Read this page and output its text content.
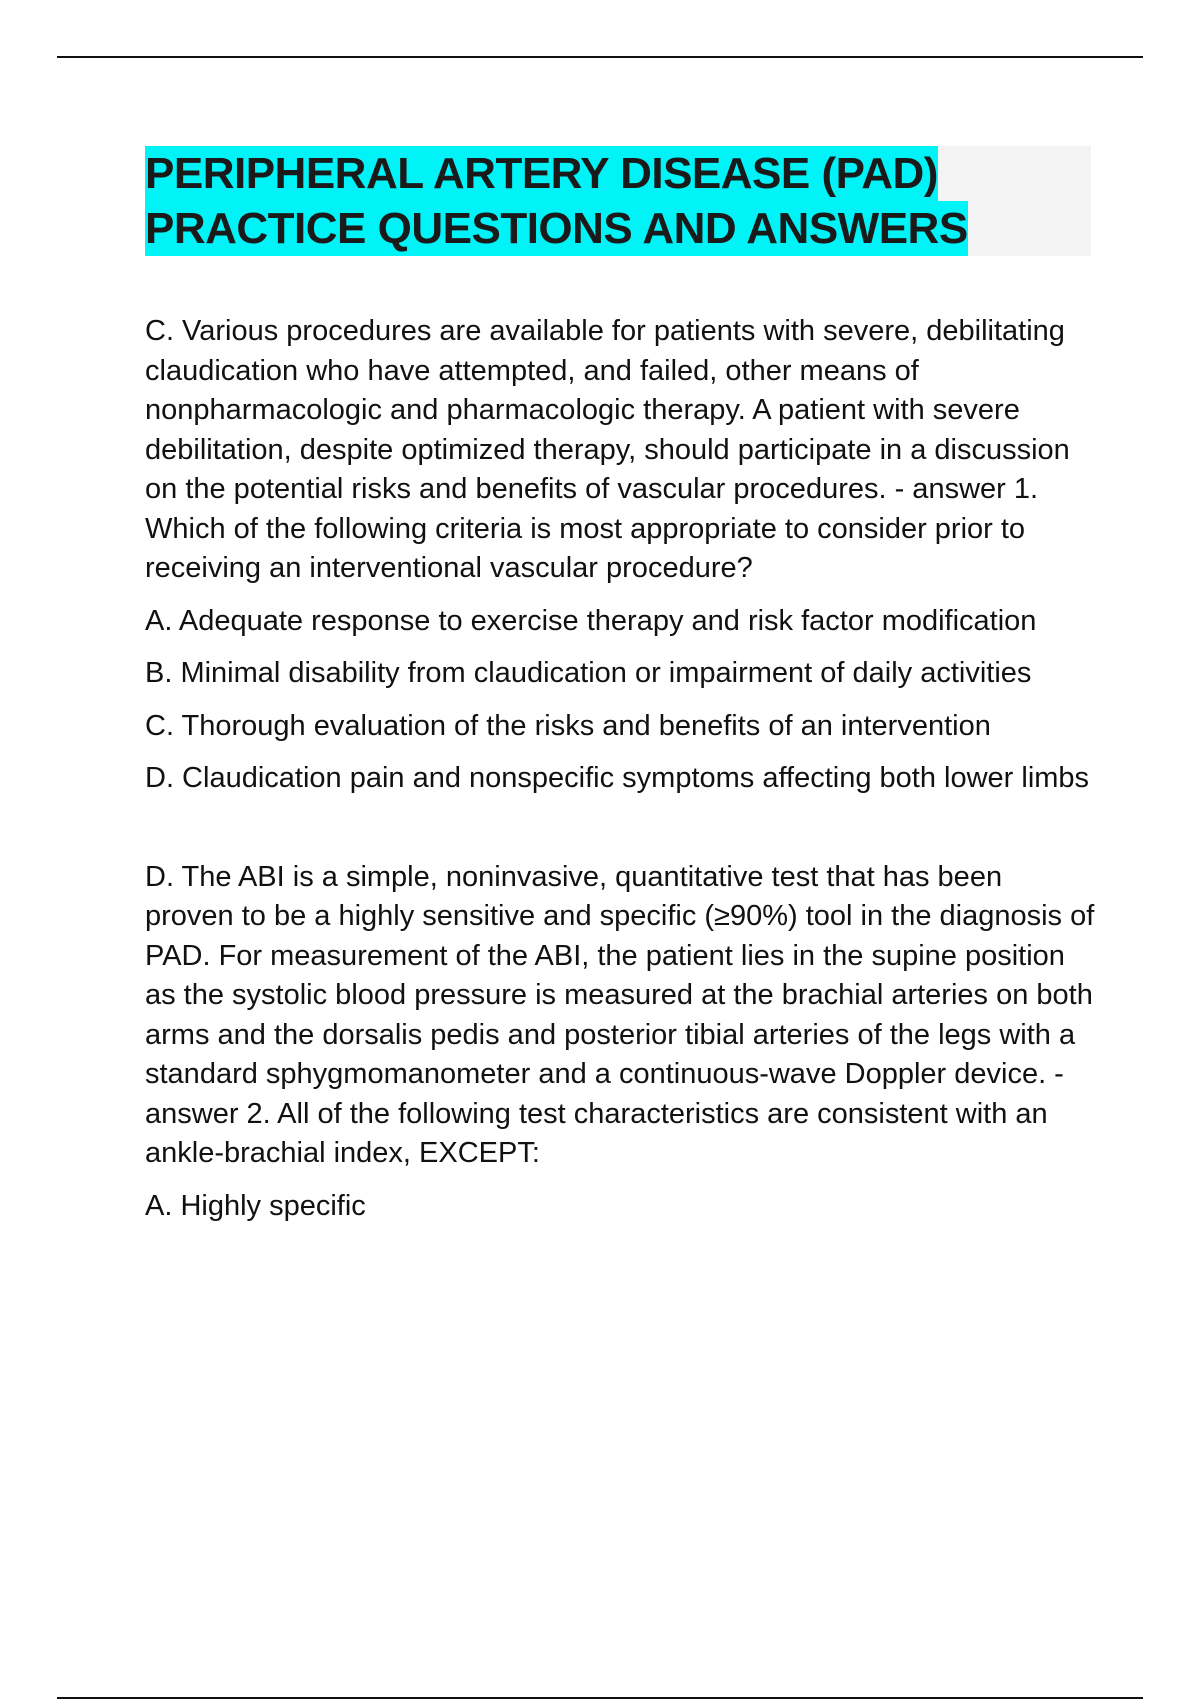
PERIPHERAL ARTERY DISEASE (PAD)
PRACTICE QUESTIONS AND ANSWERS

C. Various procedures are available for patients with severe, debilitating claudication who have attempted, and failed, other means of nonpharmacologic and pharmacologic therapy. A patient with severe debilitation, despite optimized therapy, should participate in a discussion on the potential risks and benefits of vascular procedures. - answer 1. Which of the following criteria is most appropriate to consider prior to receiving an interventional vascular procedure?

A. Adequate response to exercise therapy and risk factor modification

B. Minimal disability from claudication or impairment of daily activities

C. Thorough evaluation of the risks and benefits of an intervention

D. Claudication pain and nonspecific symptoms affecting both lower limbs

D. The ABI is a simple, noninvasive, quantitative test that has been proven to be a highly sensitive and specific (≥90%) tool in the diagnosis of PAD. For measurement of the ABI, the patient lies in the supine position as the systolic blood pressure is measured at the brachial arteries on both arms and the dorsalis pedis and posterior tibial arteries of the legs with a standard sphygmomanometer and a continuous-wave Doppler device. - answer 2. All of the following test characteristics are consistent with an ankle-brachial index, EXCEPT:

A. Highly specific
